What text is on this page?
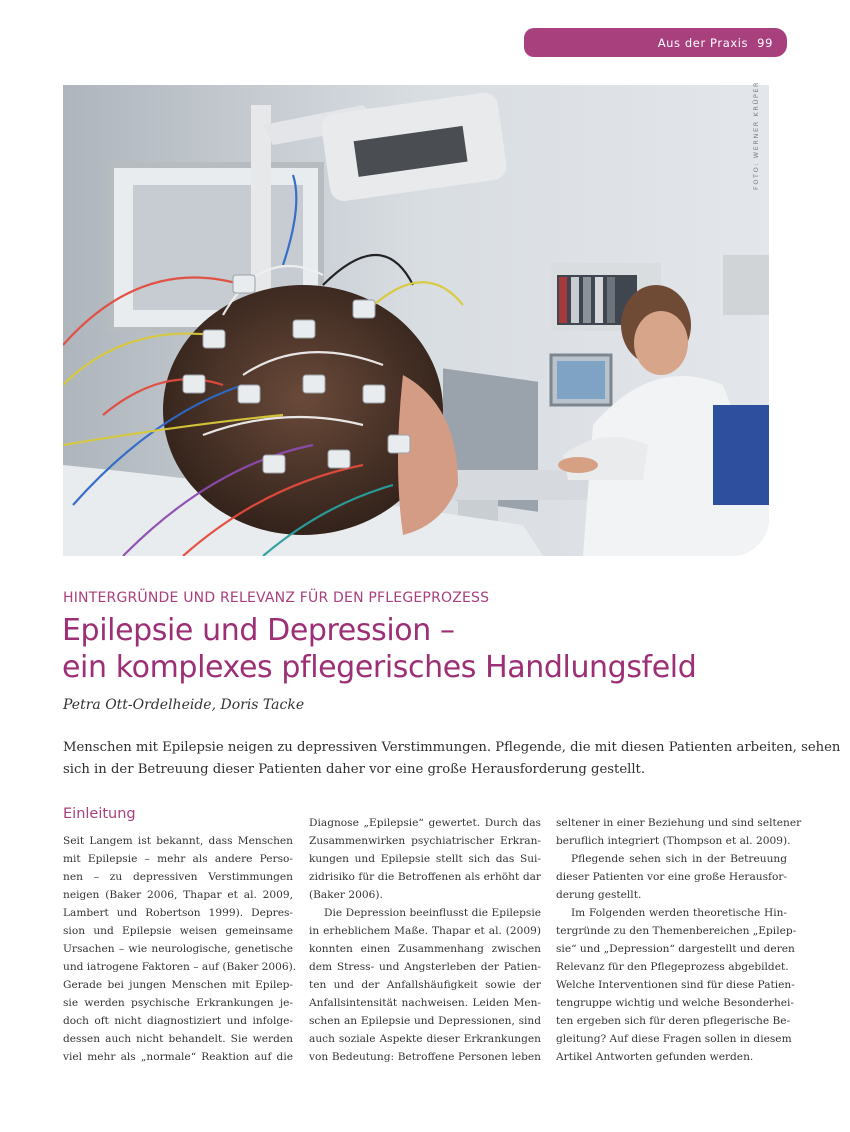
Aus der Praxis 99
FOTO: WERNER KRÜPER
HINTERGRÜNDE UND RELEVANZ FÜR DEN PFLEGEPROZESS
Epilepsie und Depression –
ein komplexes pflegerisches Handlungsfeld
Petra Ott-Ordelheide, Doris Tacke
Menschen mit Epilepsie neigen zu depressiven Verstimmungen. Pflegende, die mit diesen Patienten arbeiten, sehen
sich in der Betreuung dieser Patienten daher vor eine große Herausforderung gestellt.
Einleitung
Seit Langem ist bekannt, dass Menschen
mit Epilepsie – mehr als andere Perso-
nen – zu depressiven Verstimmungen
neigen (Baker 2006, Thapar et al. 2009,
Lambert und Robertson 1999). Depres-
sion und Epilepsie weisen gemeinsame
Ursachen – wie neurologische, genetische
und iatrogene Faktoren – auf (Baker 2006).
Gerade bei jungen Menschen mit Epilep-
sie werden psychische Erkrankungen je-
doch oft nicht diagnostiziert und infolge-
dessen auch nicht behandelt. Sie werden
viel mehr als „normale“ Reaktion auf die
Diagnose „Epilepsie“ gewertet. Durch das
Zusammenwirken psychiatrischer Erkran-
kungen und Epilepsie stellt sich das Sui-
zidrisiko für die Betroffenen als erhöht dar
(Baker 2006).
Die Depression beeinflusst die Epilepsie
in erheblichem Maße. Thapar et al. (2009)
konnten einen Zusammenhang zwischen
dem Stress- und Angsterleben der Patien-
ten und der Anfallshäufigkeit sowie der
Anfallsintensität nachweisen. Leiden Men-
schen an Epilepsie und Depressionen, sind
auch soziale Aspekte dieser Erkrankungen
von Bedeutung: Betroffene Personen leben
seltener in einer Beziehung und sind seltener
beruflich integriert (Thompson et al. 2009).
Pflegende sehen sich in der Betreuung
dieser Patienten vor eine große Herausfor-
derung gestellt.
Im Folgenden werden theoretische Hin-
tergründe zu den Themenbereichen „Epilep-
sie“ und „Depression“ dargestellt und deren
Relevanz für den Pflegeprozess abgebildet.
Welche Interventionen sind für diese Patien-
tengruppe wichtig und welche Besonderhei-
ten ergeben sich für deren pflegerische Be-
gleitung? Auf diese Fragen sollen in diesem
Artikel Antworten gefunden werden.
